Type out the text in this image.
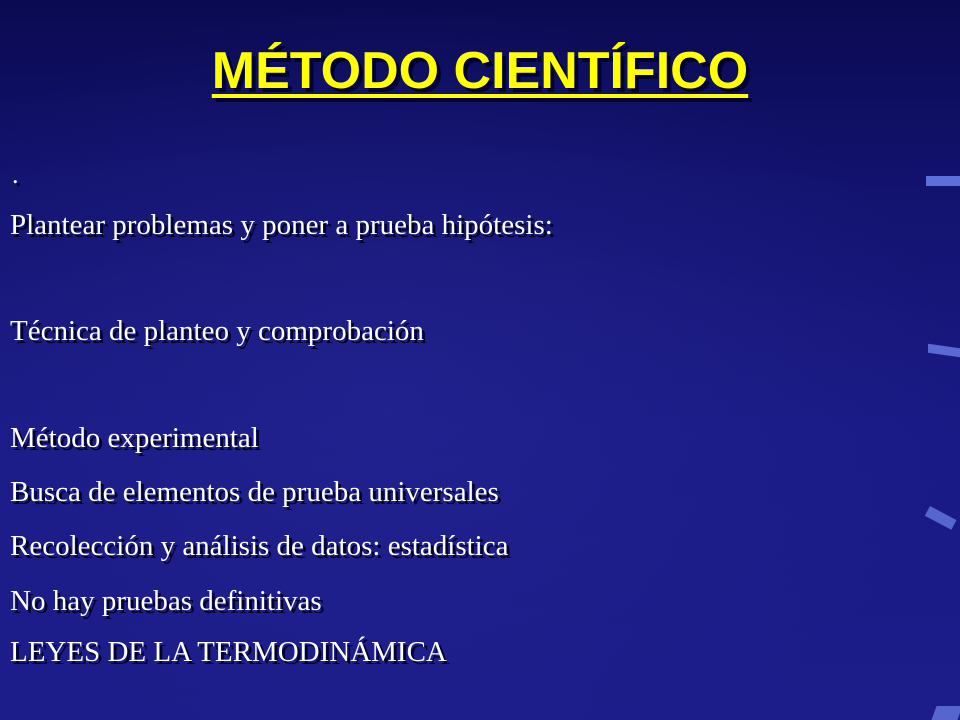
MÉTODO CIENTÍFICO
.
Plantear problemas y poner a prueba hipótesis:
Técnica de planteo y comprobación
Método experimental
Busca de elementos de prueba universales
Recolección y análisis de datos: estadística
No hay pruebas definitivas
LEYES DE LA TERMODINÁMICA
